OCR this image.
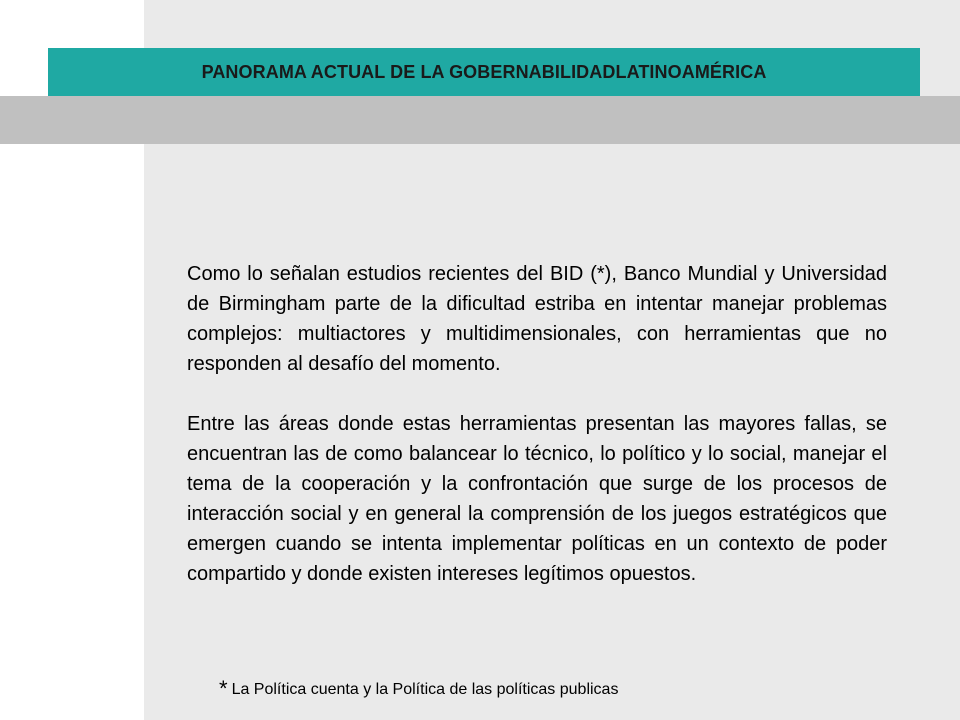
PANORAMA ACTUAL DE LA GOBERNABILIDADLATINOAMÉRICA

Como lo señalan estudios recientes del BID (*), Banco Mundial y Universidad de Birmingham parte de la dificultad estriba en intentar manejar problemas complejos: multiactores y multidimensionales, con herramientas que no responden al desafío del momento.

Entre las áreas donde estas herramientas presentan las mayores fallas, se encuentran las de como balancear lo técnico, lo político y lo social, manejar el tema de la cooperación y la confrontación que surge de los procesos de interacción social y en general la comprensión de los juegos estratégicos que emergen cuando se intenta implementar políticas en un contexto de poder compartido y donde existen intereses legítimos opuestos.

* La Política cuenta y la Política de las políticas publicas
